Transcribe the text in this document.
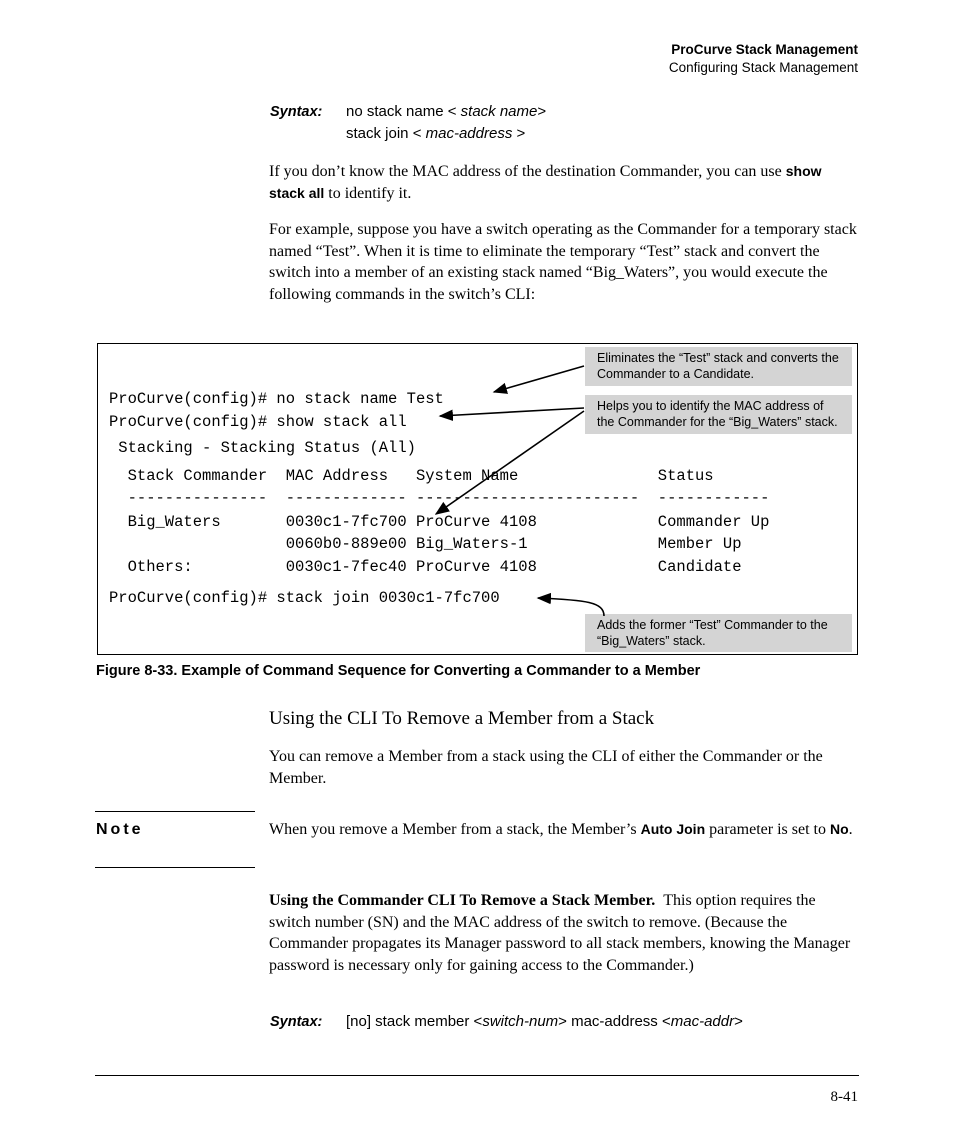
ProCurve Stack Management
Configuring Stack Management
Syntax: no stack name < stack name>
stack join < mac-address >
If you don’t know the MAC address of the destination Commander, you can use show stack all to identify it.
For example, suppose you have a switch operating as the Commander for a temporary stack named “Test”. When it is time to eliminate the temporary “Test” stack and convert the switch into a member of an existing stack named “Big_Waters”, you would execute the following commands in the switch’s CLI:
ProCurve(config)# no stack name Test
ProCurve(config)# show stack all
Stacking - Stacking Status (All)
Stack Commander  MAC Address   System Name               Status
---------------  ------------- ------------------------  ------------
Big_Waters       0030c1-7fc700 ProCurve 4108             Commander Up
0060b0-889e00 Big_Waters-1              Member Up
Others:          0030c1-7fec40 ProCurve 4108             Candidate
ProCurve(config)# stack join 0030c1-7fc700
Eliminates the “Test” stack and converts the Commander to a Candidate.
Helps you to identify the MAC address of the Commander for the “Big_Waters” stack.
Adds the former “Test” Commander to the “Big_Waters” stack.
Figure 8-33. Example of Command Sequence for Converting a Commander to a Member
Using the CLI To Remove a Member from a Stack
You can remove a Member from a stack using the CLI of either the Commander or the Member.
Note	When you remove a Member from a stack, the Member’s Auto Join parameter is set to No.
Using the Commander CLI To Remove a Stack Member. This option requires the switch number (SN) and the MAC address of the switch to remove. (Because the Commander propagates its Manager password to all stack members, knowing the Manager password is necessary only for gaining access to the Commander.)
Syntax: [no] stack member <switch-num> mac-address <mac-addr>
8-41
